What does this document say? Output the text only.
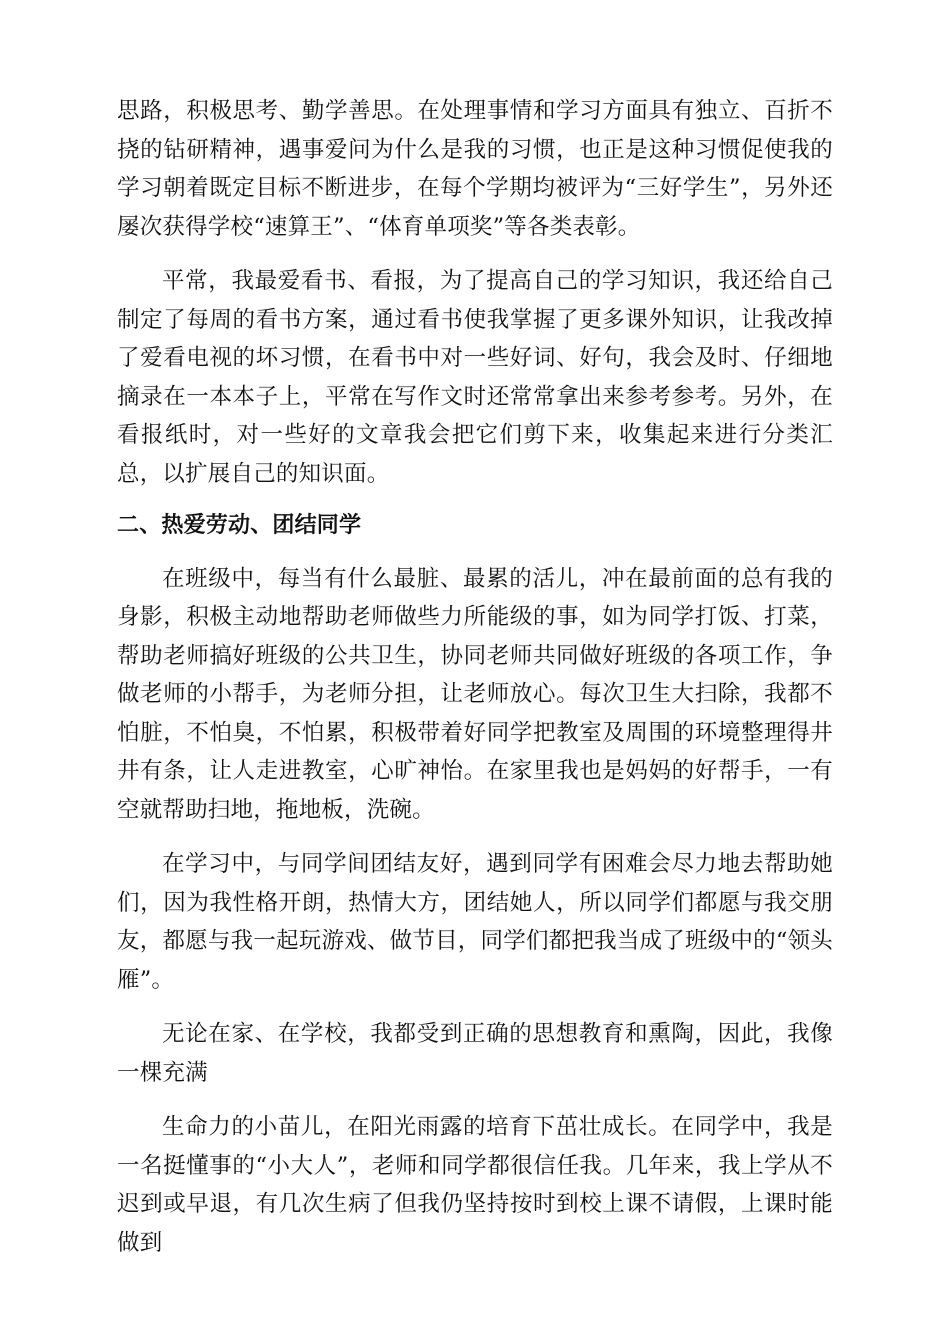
思路，积极思考、勤学善思。在处理事情和学习方面具有独立、百折不挠的钻研精神，遇事爱问为什么是我的习惯，也正是这种习惯促使我的学习朝着既定目标不断进步，在每个学期均被评为“三好学生”，另外还屡次获得学校“速算王”、“体育单项奖”等各类表彰。

平常，我最爱看书、看报，为了提高自己的学习知识，我还给自己制定了每周的看书方案，通过看书使我掌握了更多课外知识，让我改掉了爱看电视的坏习惯，在看书中对一些好词、好句，我会及时、仔细地摘录在一本本子上，平常在写作文时还常常拿出来参考参考。另外，在看报纸时，对一些好的文章我会把它们剪下来，收集起来进行分类汇总，以扩展自己的知识面。

二、热爱劳动、团结同学

在班级中，每当有什么最脏、最累的活儿，冲在最前面的总有我的身影，积极主动地帮助老师做些力所能级的事，如为同学打饭、打菜，帮助老师搞好班级的公共卫生，协同老师共同做好班级的各项工作，争做老师的小帮手，为老师分担，让老师放心。每次卫生大扫除，我都不怕脏，不怕臭，不怕累，积极带着好同学把教室及周围的环境整理得井井有条，让人走进教室，心旷神怡。在家里我也是妈妈的好帮手，一有空就帮助扫地，拖地板，洗碗。

在学习中，与同学间团结友好，遇到同学有困难会尽力地去帮助她们，因为我性格开朗，热情大方，团结她人，所以同学们都愿与我交朋友，都愿与我一起玩游戏、做节目，同学们都把我当成了班级中的“领头雁”。

无论在家、在学校，我都受到正确的思想教育和熏陶，因此，我像一棵充满

生命力的小苗儿，在阳光雨露的培育下茁壮成长。在同学中，我是一名挺懂事的“小大人”，老师和同学都很信任我。几年来，我上学从不迟到或早退，有几次生病了但我仍坚持按时到校上课不请假，上课时能做到
